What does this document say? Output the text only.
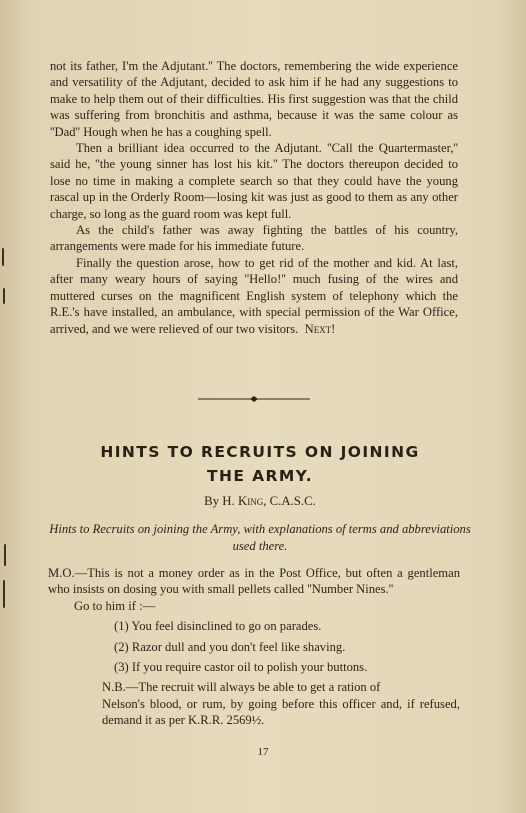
not its father, I'm the Adjutant.'' The doctors, remembering the wide experience and versatility of the Adjutant, decided to ask him if he had any suggestions to make to help them out of their difficulties. His first suggestion was that the child was suffering from bronchitis and asthma, because it was the same colour as ''Dad'' Hough when he has a coughing spell.

Then a brilliant idea occurred to the Adjutant. ''Call the Quartermaster,'' said he, ''the young sinner has lost his kit.'' The doctors thereupon decided to lose no time in making a complete search so that they could have the young rascal up in the Orderly Room—losing kit was just as good to them as any other charge, so long as the guard room was kept full.

As the child's father was away fighting the battles of his country, arrangements were made for his immediate future.

Finally the question arose, how to get rid of the mother and kid. At last, after many weary hours of saying ''Hello!'' much fusing of the wires and muttered curses on the magnificent English system of telephony which the R.E.'s have installed, an ambulance, with special permission of the War Office, arrived, and we were relieved of our two visitors. Next!

HINTS TO RECRUITS ON JOINING
THE ARMY.
By H. King, C.A.S.C.
Hints to Recruits on joining the Army, with explanations of terms and abbreviations used there.

M.O.—This is not a money order as in the Post Office, but often a gentleman who insists on dosing you with small pellets called ''Number Nines.''

Go to him if :—

(1) You feel disinclined to go on parades.

(2) Razor dull and you don't feel like shaving.

(3) If you require castor oil to polish your buttons.

N.B.—The recruit will always be able to get a ration of

Nelson's blood, or rum, by going before this officer and, if refused, demand it as per K.R.R. 2569½.

17
